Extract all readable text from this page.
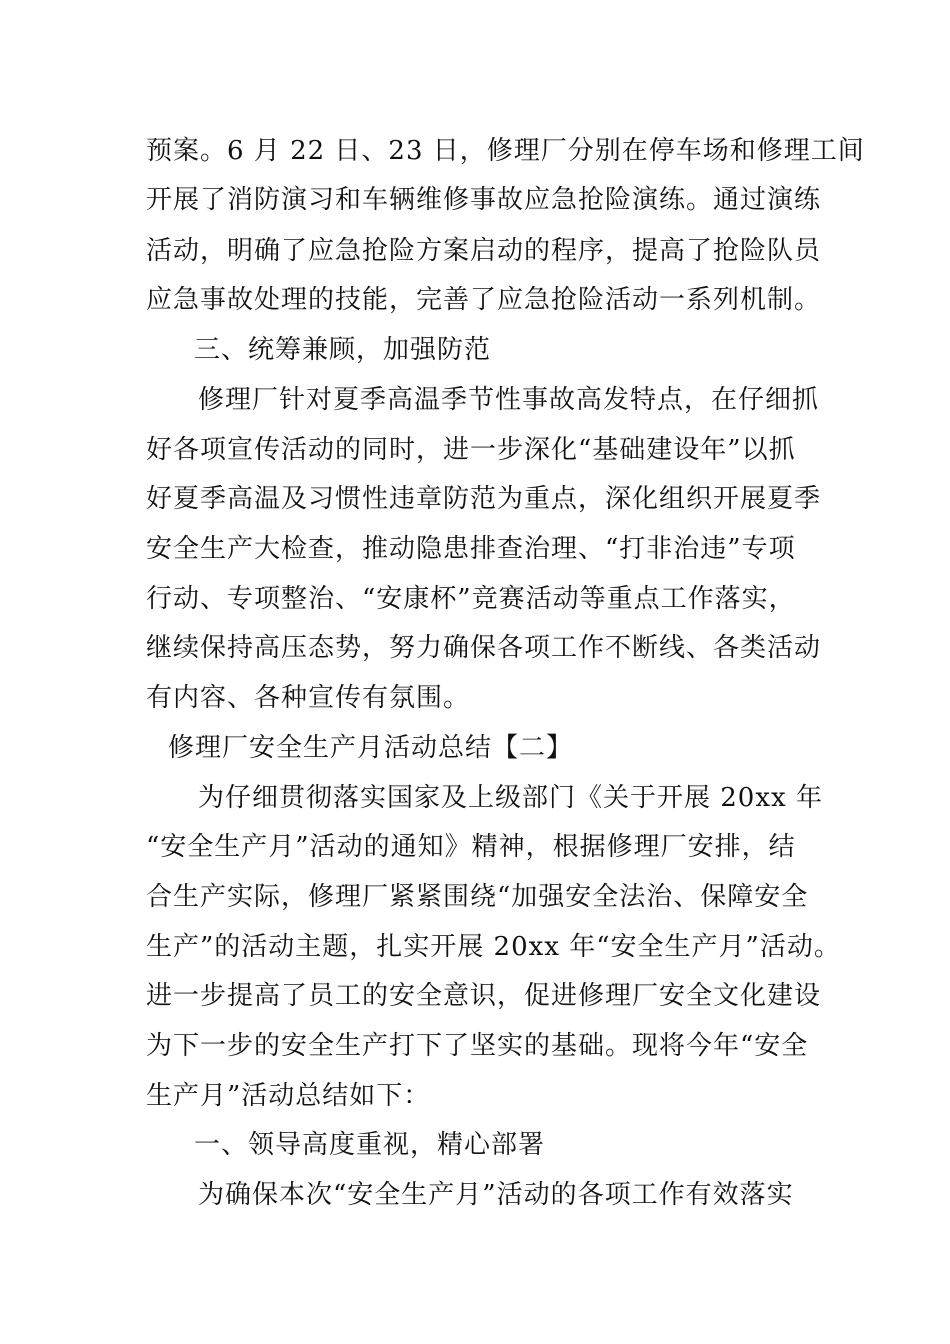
预案。6 月 22 日、23 日，修理厂分别在停车场和修理工间
开展了消防演习和车辆维修事故应急抢险演练。通过演练
活动，明确了应急抢险方案启动的程序，提高了抢险队员
应急事故处理的技能，完善了应急抢险活动一系列机制。
三、统筹兼顾，加强防范
修理厂针对夏季高温季节性事故高发特点，在仔细抓
好各项宣传活动的同时，进一步深化“基础建设年”以抓
好夏季高温及习惯性违章防范为重点，深化组织开展夏季
安全生产大检查，推动隐患排查治理、“打非治违”专项
行动、专项整治、“安康杯”竞赛活动等重点工作落实，
继续保持高压态势，努力确保各项工作不断线、各类活动
有内容、各种宣传有氛围。
修理厂安全生产月活动总结【二】
为仔细贯彻落实国家及上级部门《关于开展 20xx 年
“安全生产月”活动的通知》精神，根据修理厂安排，结
合生产实际，修理厂紧紧围绕“加强安全法治、保障安全
生产”的活动主题，扎实开展 20xx 年“安全生产月”活动。
进一步提高了员工的安全意识，促进修理厂安全文化建设
为下一步的安全生产打下了坚实的基础。现将今年“安全
生产月”活动总结如下：
一、领导高度重视，精心部署
为确保本次“安全生产月”活动的各项工作有效落实
